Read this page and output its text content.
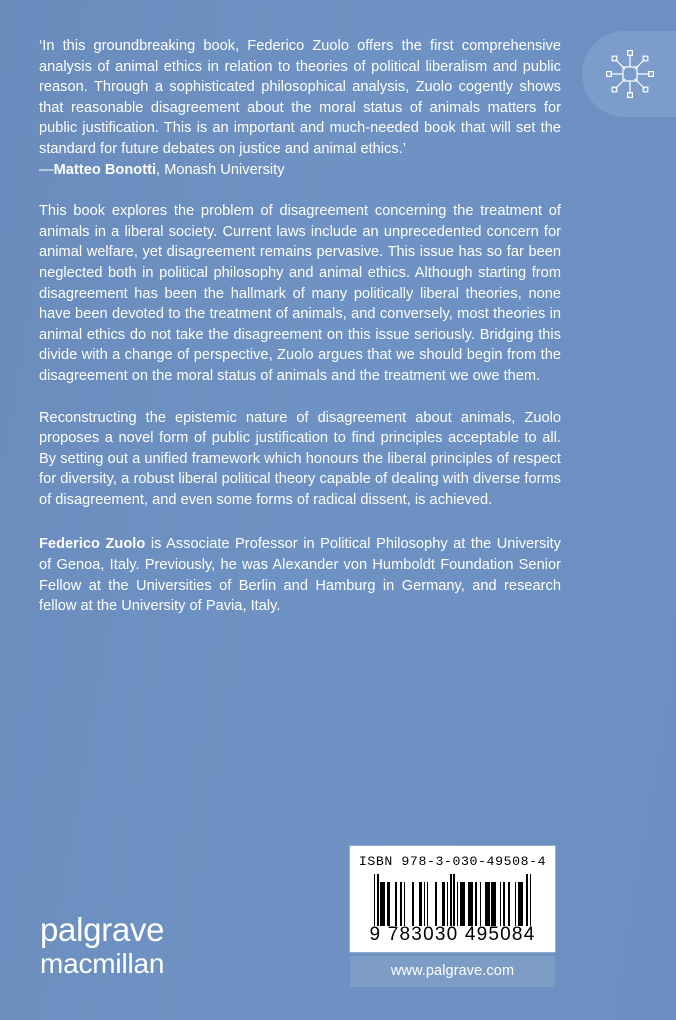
‘In this groundbreaking book, Federico Zuolo offers the first comprehensive analysis of animal ethics in relation to theories of political liberalism and public reason. Through a sophisticated philosophical analysis, Zuolo cogently shows that reasonable disagreement about the moral status of animals matters for public justification. This is an important and much-needed book that will set the standard for future debates on justice and animal ethics.’

—Matteo Bonotti, Monash University

This book explores the problem of disagreement concerning the treatment of animals in a liberal society. Current laws include an unprecedented concern for animal welfare, yet disagreement remains pervasive. This issue has so far been neglected both in political philosophy and animal ethics. Although starting from disagreement has been the hallmark of many politically liberal theories, none have been devoted to the treatment of animals, and conversely, most theories in animal ethics do not take the disagreement on this issue seriously. Bridging this divide with a change of perspective, Zuolo argues that we should begin from the disagreement on the moral status of animals and the treatment we owe them.

Reconstructing the epistemic nature of disagreement about animals, Zuolo proposes a novel form of public justification to find principles acceptable to all. By setting out a unified framework which honours the liberal principles of respect for diversity, a robust liberal political theory capable of dealing with diverse forms of disagreement, and even some forms of radical dissent, is achieved.

Federico Zuolo is Associate Professor in Political Philosophy at the University of Genoa, Italy. Previously, he was Alexander von Humboldt Foundation Senior Fellow at the Universities of Berlin and Hamburg in Germany, and research fellow at the University of Pavia, Italy.

palgrave
macmillan
ISBN 978-3-030-49508-4
9 783030 495084
www.palgrave.com
